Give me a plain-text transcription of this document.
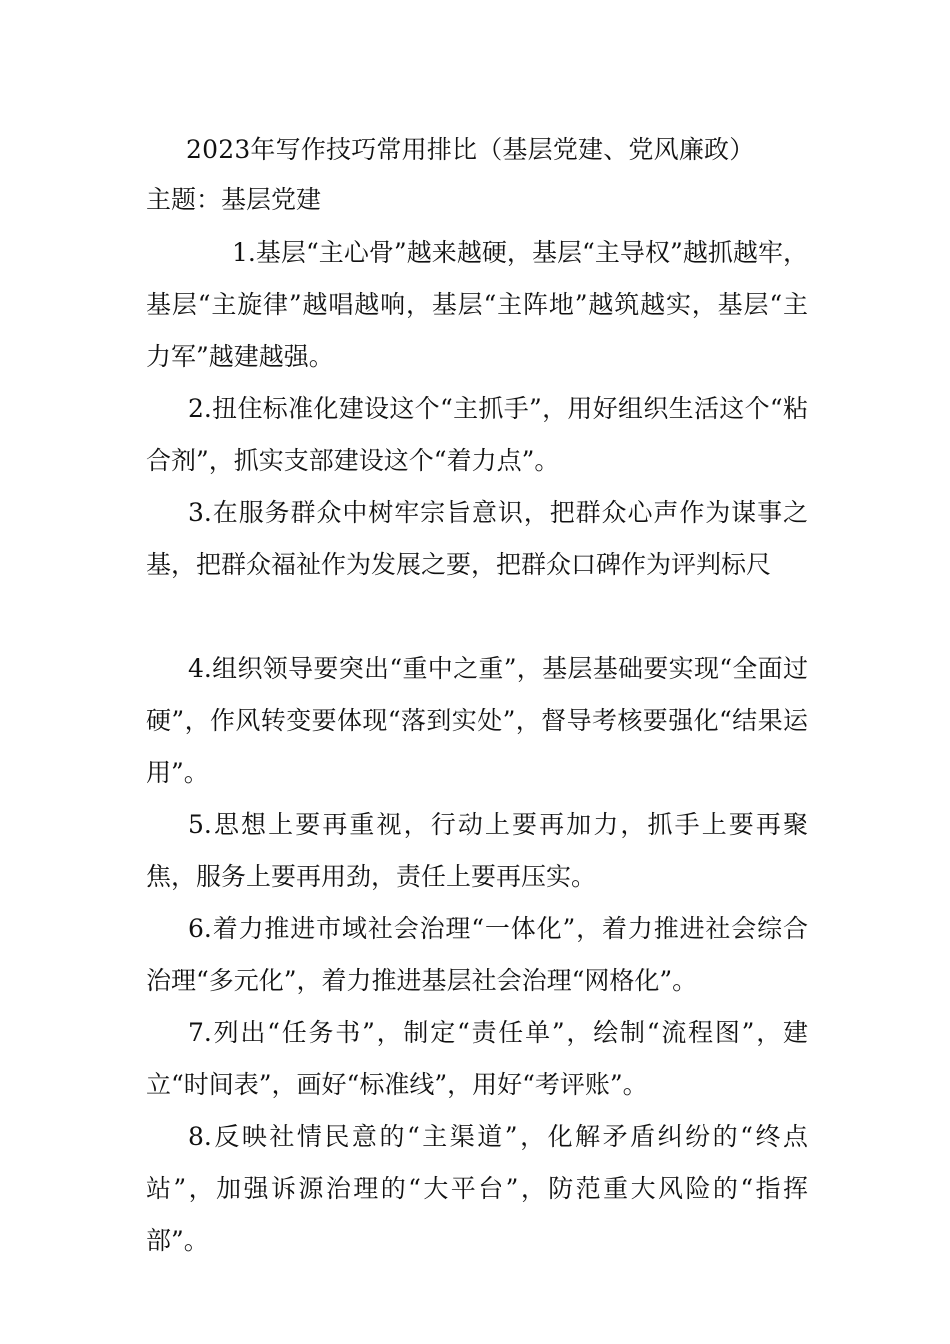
2023年写作技巧常用排比（基层党建、党风廉政）
主题：基层党建

1.基层“主心骨”越来越硬，基层“主导权”越抓越牢，基层“主旋律”越唱越响，基层“主阵地”越筑越实，基层“主力军”越建越强。

2.扭住标准化建设这个“主抓手”，用好组织生活这个“粘合剂”，抓实支部建设这个“着力点”。

3.在服务群众中树牢宗旨意识，把群众心声作为谋事之基，把群众福祉作为发展之要，把群众口碑作为评判标尺

4.组织领导要突出“重中之重”，基层基础要实现“全面过硬”，作风转变要体现“落到实处”，督导考核要强化“结果运用”。

5.思想上要再重视，行动上要再加力，抓手上要再聚焦，服务上要再用劲，责任上要再压实。

6.着力推进市域社会治理“一体化”，着力推进社会综合治理“多元化”，着力推进基层社会治理“网格化”。

7.列出“任务书”，制定“责任单”，绘制“流程图”，建立“时间表”，画好“标准线”，用好“考评账”。

8.反映社情民意的“主渠道”，化解矛盾纠纷的“终点站”，加强诉源治理的“大平台”，防范重大风险的“指挥部”。
